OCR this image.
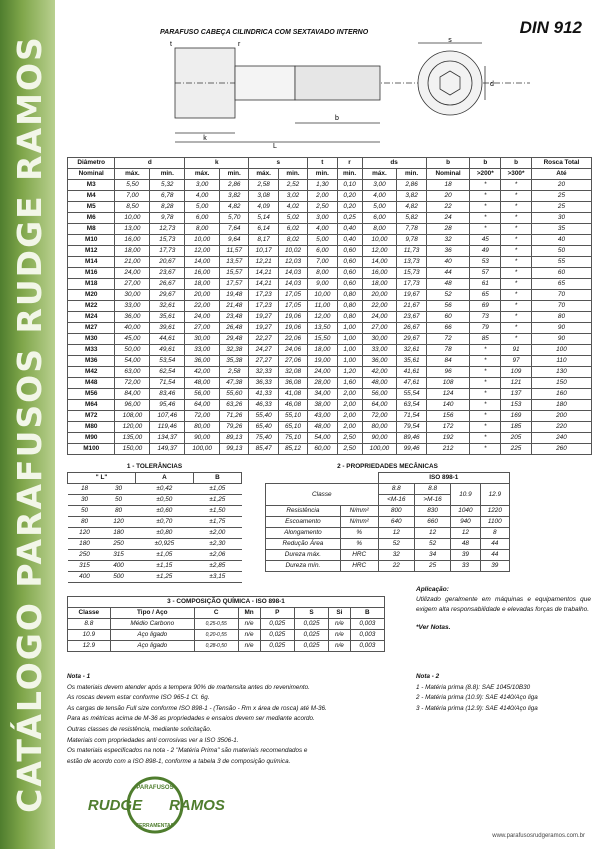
CATÁLOGO PARAFUSOS RUDGE RAMOS
PARAFUSO CABEÇA CILINDRICA COM SEXTAVADO INTERNO	DIN 912
k
L
b
s
d
t	r
Diâmetro	d		k		s		t	r	ds		b	b	b	Rosca Total
Nominal	máx.	min.	máx.	min.	máx.	min.	min.	min.	máx.	min.	Nominal	>200*	>300*	Até
M3	5,50	5,32	3,00	2,86	2,58	2,52	1,30	0,10	3,00	2,86	18	*	*	20
M4	7,00	6,78	4,00	3,82	3,08	3,02	2,00	0,20	4,00	3,82	20	*	*	25
M5	8,50	8,28	5,00	4,82	4,09	4,02	2,50	0,20	5,00	4,82	22	*	*	25
M6	10,00	9,78	6,00	5,70	5,14	5,02	3,00	0,25	6,00	5,82	24	*	*	30
M8	13,00	12,73	8,00	7,64	6,14	6,02	4,00	0,40	8,00	7,78	28	*	*	35
M10	16,00	15,73	10,00	9,64	8,17	8,02	5,00	0,40	10,00	9,78	32	45	*	40
M12	18,00	17,73	12,00	11,57	10,17	10,02	6,00	0,60	12,00	11,73	36	49	*	50
M14	21,00	20,67	14,00	13,57	12,21	12,03	7,00	0,60	14,00	13,73	40	53	*	55
M16	24,00	23,67	16,00	15,57	14,21	14,03	8,00	0,60	16,00	15,73	44	57	*	60
M18	27,00	26,67	18,00	17,57	14,21	14,03	9,00	0,60	18,00	17,73	48	61	*	65
M20	30,00	29,67	20,00	19,48	17,23	17,05	10,00	0,80	20,00	19,67	52	65	*	70
M22	33,00	32,61	22,00	21,48	17,23	17,05	11,00	0,80	22,00	21,67	56	69	*	70
M24	36,00	35,61	24,00	23,48	19,27	19,06	12,00	0,80	24,00	23,67	60	73	*	80
M27	40,00	39,61	27,00	26,48	19,27	19,06	13,50	1,00	27,00	26,67	66	79	*	90
M30	45,00	44,61	30,00	29,48	22,27	22,06	15,50	1,00	30,00	29,67	72	85	*	90
M33	50,00	49,61	33,00	32,38	24,27	24,06	18,00	1,00	33,00	32,61	78	*	91	100
M36	54,00	53,54	36,00	35,38	27,27	27,06	19,00	1,00	36,00	35,61	84	*	97	110
M42	63,00	62,54	42,00	2,58	32,33	32,08	24,00	1,20	42,00	41,61	96	*	109	130
M48	72,00	71,54	48,00	47,38	36,33	36,08	28,00	1,60	48,00	47,61	108	*	121	150
M56	84,00	83,46	56,00	55,60	41,33	41,08	34,00	2,00	56,00	55,54	124	*	137	160
M64	96,00	95,46	64,00	63,26	46,33	46,08	38,00	2,00	64,00	63,54	140	*	153	180
M72	108,00	107,46	72,00	71,26	55,40	55,10	43,00	2,00	72,00	71,54	156	*	169	200
M80	120,00	119,46	80,00	79,26	65,40	65,10	48,00	2,00	80,00	79,54	172	*	185	220
M90	135,00	134,37	90,00	89,13	75,40	75,10	54,00	2,50	90,00	89,46	192	*	205	240
M100	150,00	149,37	100,00	99,13	85,47	85,12	60,00	2,50	100,00	99,46	212	*	225	260
1 - TOLERÂNCIAS			
" L"		A	B
18	30	±0,42	±1,05
30	50	±0,50	±1,25
50	80	±0,60	±1,50
80	120	±0,70	±1,75
120	180	±0,80	±2,00
180	250	±0,925	±2,30
250	315	±1,05	±2,06
315	400	±1,15	±2,85
400	500	±1,25	±3,15
2 - PROPRIEDADES MECÂNICAS					
		ISO 898-1			
Classe		8.8	8.8	10.9	12.9
		<M-16	>M-16		
Resistência	N/mm²	800	830	1040	1220
Escoamento	N/mm²	640	660	940	1100
Alongamento	%	12	12	12	8
Redução Área	%	52	52	48	44
Dureza máx.	HRC	32	34	39	44
Dureza mín.	HRC	22	25	33	39
3 - COMPOSIÇÃO QUÍMICA - ISO 898-1							
Classe	Tipo / Aço	C	Mn	P	S	Si	B
8.8	Médio Carbono	0,25-0,55	n/e	0,025	0,025	n/e	0,003
10.9	Aço ligado	0,20-0,55	n/e	0,025	0,025	n/e	0,003
12.9	Aço ligado	0,28-0,50	n/e	0,025	0,025	n/e	0,003
Aplicação:
Utilizado geralmente em máquinas e equipamentos que exigem alta responsabilidade e elevadas forças de trabalho.
*Ver Notas.
Nota - 1
Os materiais devem atender após a tempera 90% de martensita antes do revenimento.
As roscas devem estar conforme ISO 965-1 Cl. 6g.
As cargas de tensão Full size conforme ISO 898-1 - (Tensão - Rm x área de rosca) até M-36.
Para as métricas acima de M-36 as propriedades e ensaios devem ser mediante acordo.
Outras classes de resistência, mediante solicitação.
Materiais com propriedades anti corrosivas ver a ISO 3506-1.
Os materiais especificados na nota - 2 "Matéria Prima" são materiais recomendados e
estão de acordo com a ISO 898-1, conforme a tabela 3 de composição química.
Nota - 2
1 - Matéria prima (8.8): SAE 1045/10B30
2 - Matéria prima (10.9): SAE 4140/Aço liga
3 - Matéria prima (12.9): SAE 4140/Aço liga
PARAFUSOS
RUDGE RAMOS
FERRAMENTAS
www.parafusosrudgeramos.com.br
